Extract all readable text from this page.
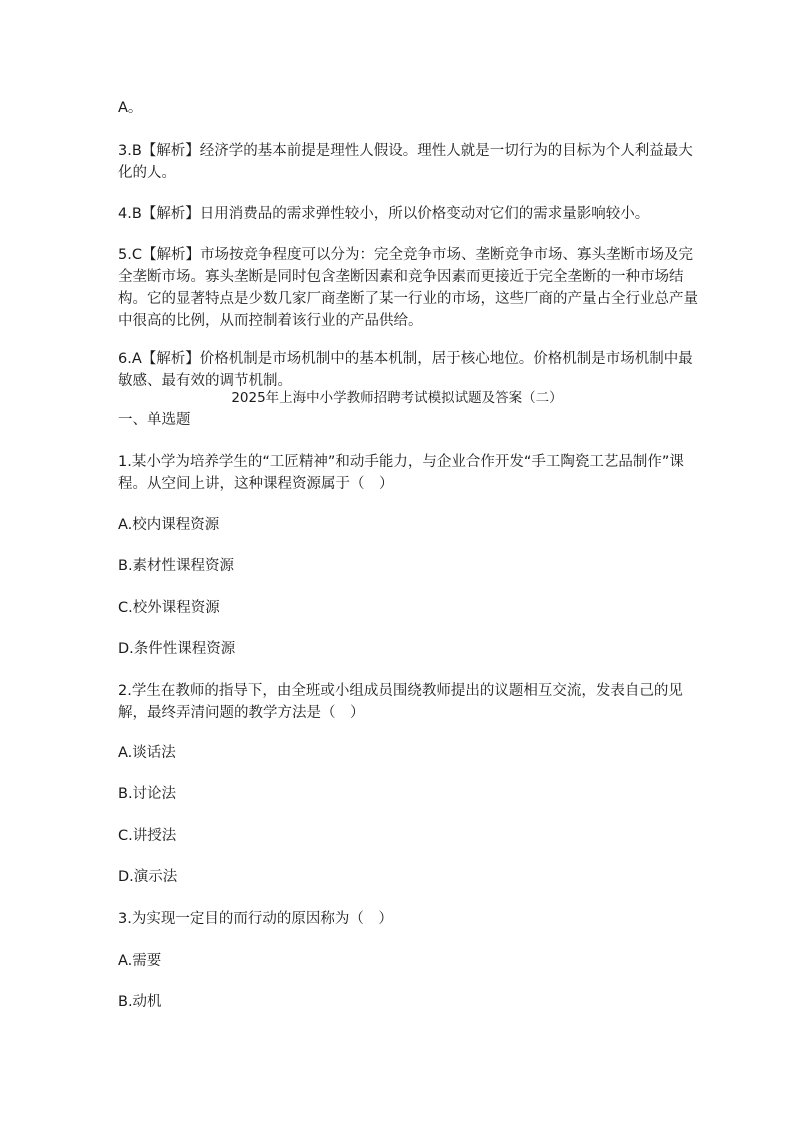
A。

3.B【解析】经济学的基本前提是理性人假设。理性人就是一切行为的目标为个人利益最大化的人。

4.B【解析】日用消费品的需求弹性较小，所以价格变动对它们的需求量影响较小。

5.C【解析】市场按竞争程度可以分为：完全竞争市场、垄断竞争市场、寡头垄断市场及完全垄断市场。寡头垄断是同时包含垄断因素和竞争因素而更接近于完全垄断的一种市场结构。它的显著特点是少数几家厂商垄断了某一行业的市场，这些厂商的产量占全行业总产量中很高的比例，从而控制着该行业的产品供给。

6.A【解析】价格机制是市场机制中的基本机制，居于核心地位。价格机制是市场机制中最敏感、最有效的调节机制。

2025年上海中小学教师招聘考试模拟试题及答案（二）

一、单选题

1.某小学为培养学生的“工匠精神”和动手能力，与企业合作开发“手工陶瓷工艺品制作”课程。从空间上讲，这种课程资源属于（　）

A.校内课程资源

B.素材性课程资源

C.校外课程资源

D.条件性课程资源

2.学生在教师的指导下，由全班或小组成员围绕教师提出的议题相互交流，发表自己的见解，最终弄清问题的教学方法是（　）

A.谈话法

B.讨论法

C.讲授法

D.演示法

3.为实现一定目的而行动的原因称为（　）

A.需要

B.动机
